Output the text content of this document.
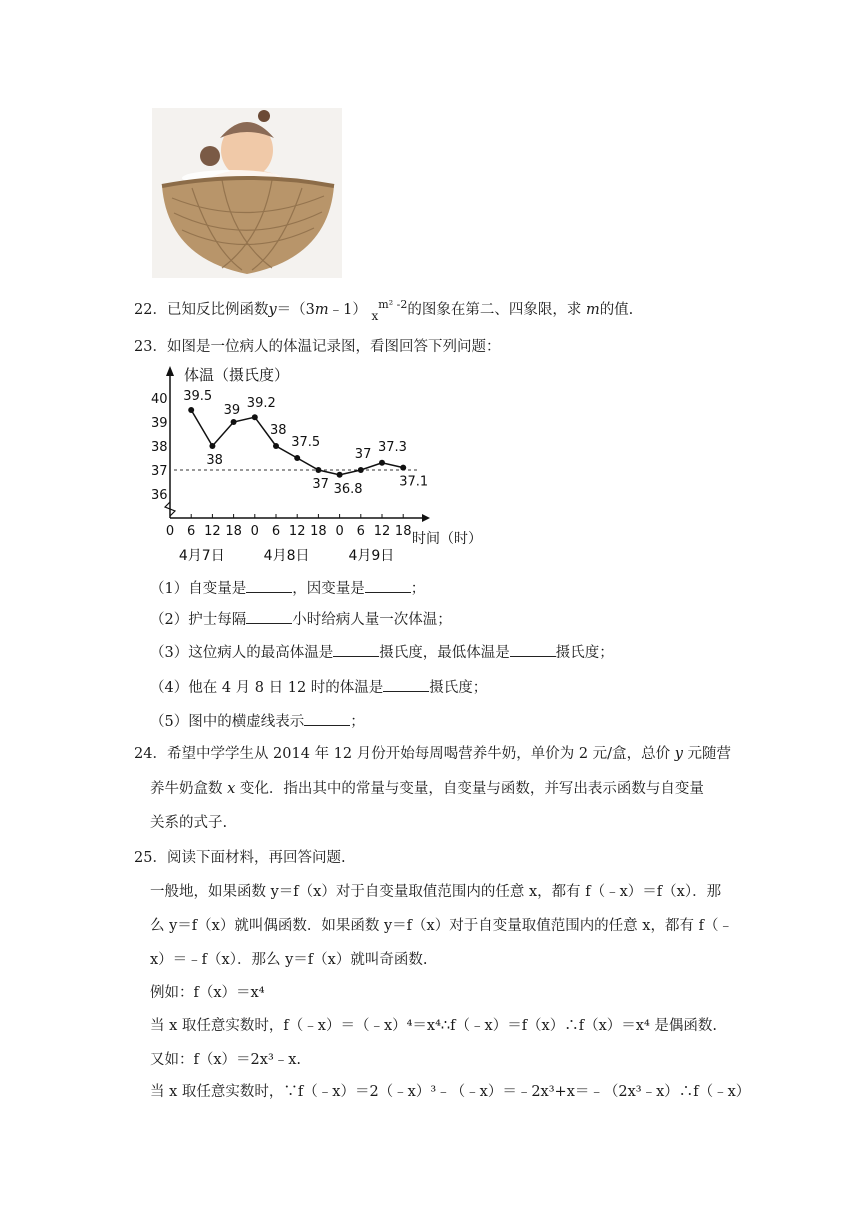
22．已知反比例函数y＝（3m﹣1） $_x^{m^2 -2}$的图象在第二、四象限，求 m的值.
23．如图是一位病人的体温记录图，看图回答下列问题：
体温（摄氏度）
时间（时）
36
37
38
39
40
0 6 12 18 0 6 12 18 0 6 12 18
4月7日	4月8日	4月9日
39.5
38
39 39.2
38
37.5
37 36.8
37 37.3
37.1
（1）自变量是	，因变量是	；
（2）护士每隔	小时给病人量一次体温；
（3）这位病人的最高体温是	摄氏度，最低体温是	摄氏度；
（4）他在 4 月 8 日 12 时的体温是	摄氏度；
（5）图中的横虚线表示	；
24．希望中学学生从 2014 年 12 月份开始每周喝营养牛奶，单价为 2 元/盒，总价 y 元随营
养牛奶盒数 x 变化．指出其中的常量与变量，自变量与函数，并写出表示函数与自变量
关系的式子.
25．阅读下面材料，再回答问题.
一般地，如果函数 y＝f（x）对于自变量取值范围内的任意 x，都有 f（﹣x）＝f（x）．那
么 y＝f（x）就叫偶函数．如果函数 y＝f（x）对于自变量取值范围内的任意 x，都有 f（﹣
x）＝﹣f（x）．那么 y＝f（x）就叫奇函数.
例如：f（x）＝x⁴
当 x 取任意实数时，f（﹣x）＝（﹣x）⁴＝x⁴∴f（﹣x）＝f（x）∴f（x）＝x⁴ 是偶函数.
又如：f（x）＝2x³﹣x.
当 x 取任意实数时，∵f（﹣x）＝2（﹣x）³﹣（﹣x）＝﹣2x³+x＝﹣（2x³﹣x）∴f（﹣x）
